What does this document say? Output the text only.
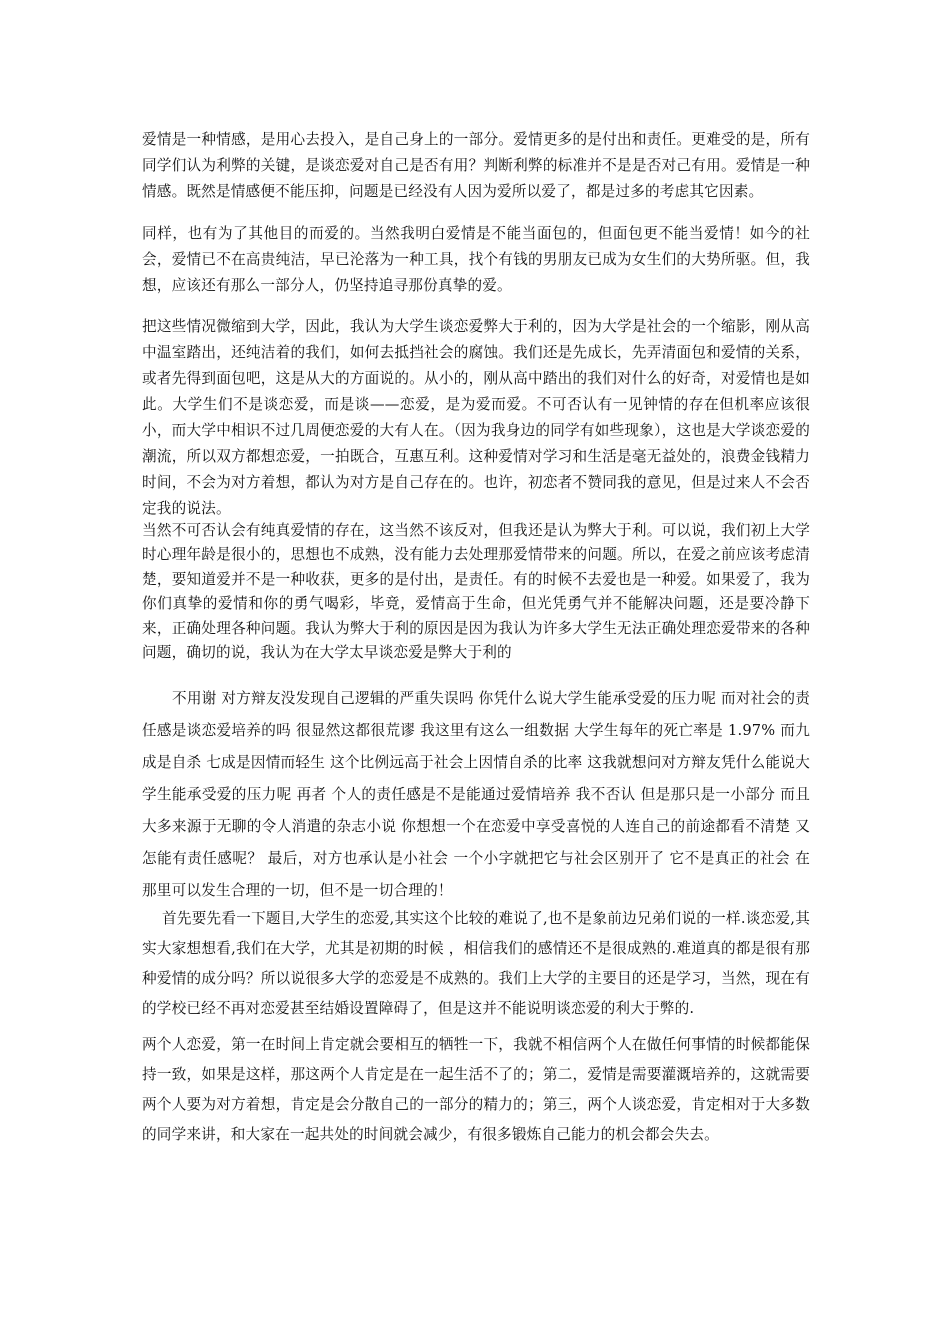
爱情是一种情感，是用心去投入，是自己身上的一部分。爱情更多的是付出和责任。更难受的是，所有同学们认为利弊的关键，是谈恋爱对自己是否有用？判断利弊的标准并不是是否对己有用。爱情是一种情感。既然是情感便不能压抑，问题是已经没有人因为爱所以爱了，都是过多的考虑其它因素。

同样，也有为了其他目的而爱的。当然我明白爱情是不能当面包的，但面包更不能当爱情！如今的社会，爱情已不在高贵纯洁，早已沦落为一种工具，找个有钱的男朋友已成为女生们的大势所驱。但，我想，应该还有那么一部分人，仍坚持追寻那份真挚的爱。

把这些情况微缩到大学，因此，我认为大学生谈恋爱弊大于利的，因为大学是社会的一个缩影，刚从高中温室踏出，还纯洁着的我们，如何去抵挡社会的腐蚀。我们还是先成长，先弄清面包和爱情的关系，或者先得到面包吧，这是从大的方面说的。从小的，刚从高中踏出的我们对什么的好奇，对爱情也是如此。大学生们不是谈恋爱，而是谈——恋爱，是为爱而爱。不可否认有一见钟情的存在但机率应该很小，而大学中相识不过几周便恋爱的大有人在。（因为我身边的同学有如些现象），这也是大学谈恋爱的潮流，所以双方都想恋爱，一拍既合，互惠互利。这种爱情对学习和生活是毫无益处的，浪费金钱精力时间，不会为对方着想，都认为对方是自己存在的。也许，初恋者不赞同我的意见，但是过来人不会否定我的说法。

当然不可否认会有纯真爱情的存在，这当然不该反对，但我还是认为弊大于利。可以说，我们初上大学时心理年龄是很小的，思想也不成熟，没有能力去处理那爱情带来的问题。所以，在爱之前应该考虑清楚，要知道爱并不是一种收获，更多的是付出，是责任。有的时候不去爱也是一种爱。如果爱了，我为你们真挚的爱情和你的勇气喝彩，毕竟，爱情高于生命，但光凭勇气并不能解决问题，还是要冷静下来，正确处理各种问题。我认为弊大于利的原因是因为我认为许多大学生无法正确处理恋爱带来的各种问题，确切的说，我认为在大学太早谈恋爱是弊大于利的

不用谢 对方辩友没发现自己逻辑的严重失误吗 你凭什么说大学生能承受爱的压力呢 而对社会的责任感是谈恋爱培养的吗 很显然这都很荒谬 我这里有这么一组数据 大学生每年的死亡率是 1.97% 而九成是自杀 七成是因情而轻生 这个比例远高于社会上因情自杀的比率 这我就想问对方辩友凭什么能说大学生能承受爱的压力呢 再者 个人的责任感是不是能通过爱情培养 我不否认 但是那只是一小部分 而且大多来源于无聊的令人消遣的杂志小说 你想想一个在恋爱中享受喜悦的人连自己的前途都看不清楚 又怎能有责任感呢？ 最后，对方也承认是小社会 一个小字就把它与社会区别开了 它不是真正的社会 在那里可以发生合理的一切，但不是一切合理的！

首先要先看一下题目,大学生的恋爱,其实这个比较的难说了,也不是象前边兄弟们说的一样.谈恋爱,其实大家想想看,我们在大学，尤其是初期的时候 ，相信我们的感情还不是很成熟的.难道真的都是很有那种爱情的成分吗？所以说很多大学的恋爱是不成熟的。我们上大学的主要目的还是学习，当然，现在有的学校已经不再对恋爱甚至结婚设置障碍了，但是这并不能说明谈恋爱的利大于弊的.

两个人恋爱，第一在时间上肯定就会要相互的牺牲一下，我就不相信两个人在做任何事情的时候都能保持一致，如果是这样，那这两个人肯定是在一起生活不了的；第二，爱情是需要灌溉培养的，这就需要两个人要为对方着想，肯定是会分散自己的一部分的精力的；第三，两个人谈恋爱，肯定相对于大多数的同学来讲，和大家在一起共处的时间就会减少，有很多锻炼自己能力的机会都会失去。
